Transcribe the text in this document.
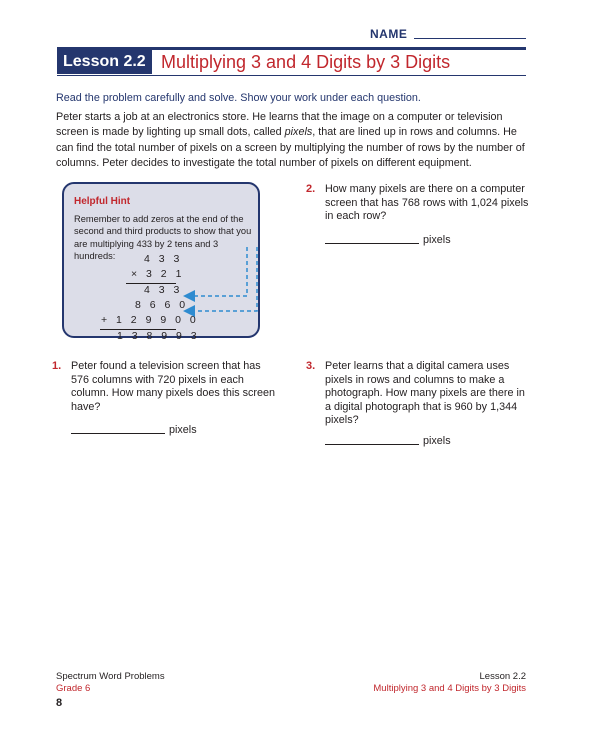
NAME
Lesson 2.2 Multiplying 3 and 4 Digits by 3 Digits
Read the problem carefully and solve. Show your work under each question.
Peter starts a job at an electronics store. He learns that the image on a computer or television screen is made by lighting up small dots, called pixels, that are lined up in rows and columns. He can find the total number of pixels on a screen by multiplying the number of rows by the number of columns. Peter decides to investigate the total number of pixels on different equipment.
Helpful Hint
Remember to add zeros at the end of the second and third products to show that you are multiplying 433 by 2 tens and 3 hundreds:	4 3 3
× 3 2 1
4 3 3
8 6 6 0
+ 1 2 9 9 0 0
1 3 8 9 9 3
2. How many pixels are there on a computer screen that has 768 rows with 1,024 pixels in each row?
pixels
1. Peter found a television screen that has 576 columns with 720 pixels in each column. How many pixels does this screen have?
pixels
3. Peter learns that a digital camera uses pixels in rows and columns to make a photograph. How many pixels are there in a digital photograph that is 960 by 1,344 pixels?
pixels
Spectrum Word Problems
Grade 6
Lesson 2.2
Multiplying 3 and 4 Digits by 3 Digits
8
